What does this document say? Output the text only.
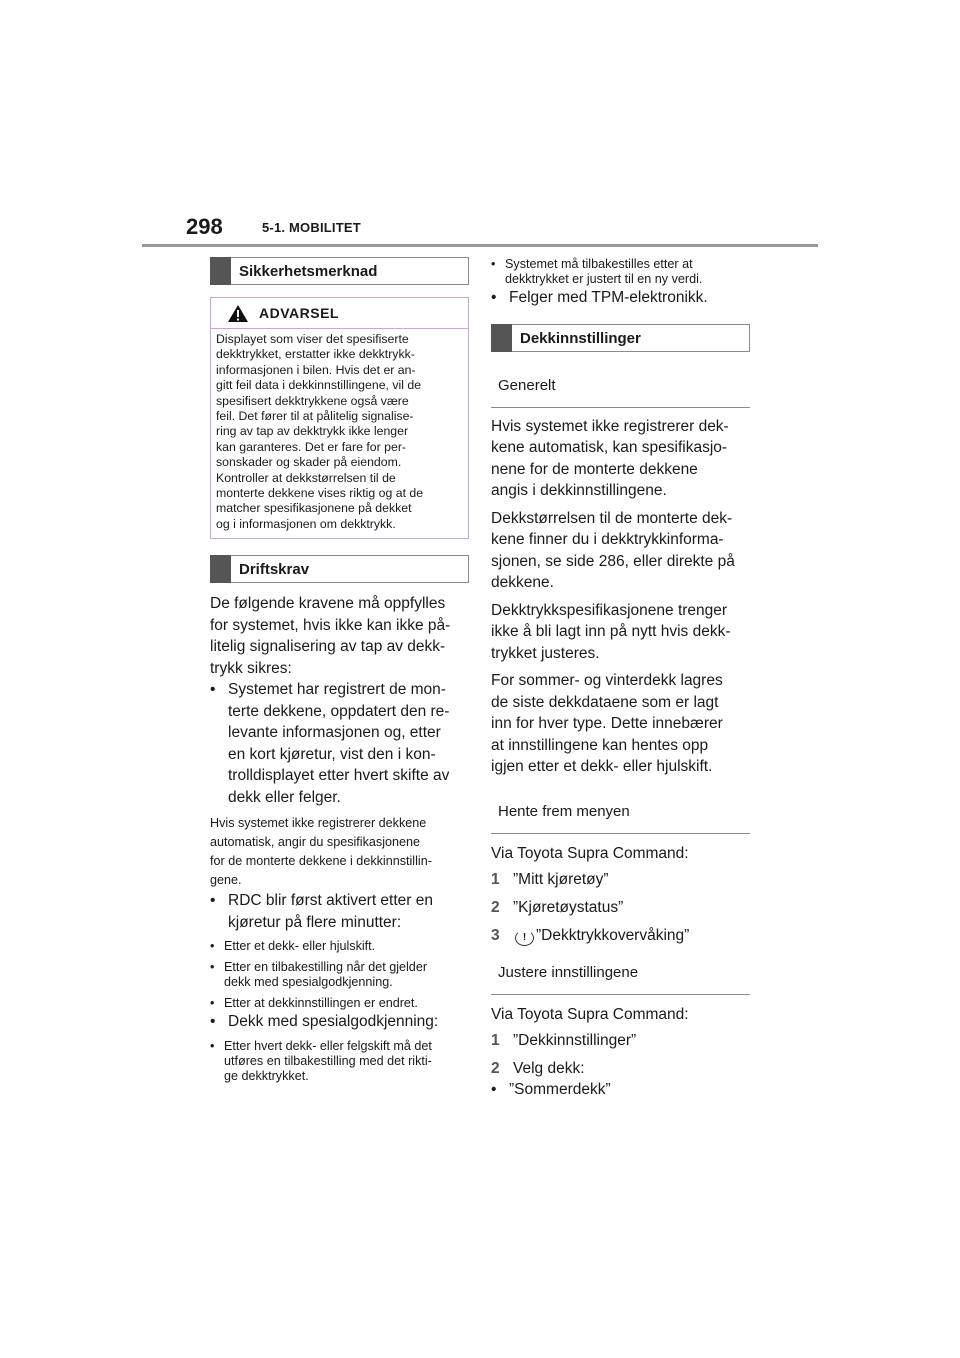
298	5-1. MOBILITET
Sikkerhetsmerknad
ADVARSEL
Displayet som viser det spesifiserte
dekktrykket, erstatter ikke dekktrykk-
informasjonen i bilen. Hvis det er an-
gitt feil data i dekkinnstillingene, vil de
spesifisert dekktrykkene også være
feil. Det fører til at pålitelig signalise-
ring av tap av dekktrykk ikke lenger
kan garanteres. Det er fare for per-
sonskader og skader på eiendom.
Kontroller at dekkstørrelsen til de
monterte dekkene vises riktig og at de
matcher spesifikasjonene på dekket
og i informasjonen om dekktrykk.
Driftskrav
De følgende kravene må oppfylles
for systemet, hvis ikke kan ikke på-
litelig signalisering av tap av dekk-
trykk sikres:
• Systemet har registrert de mon-
terte dekkene, oppdatert den re-
levante informasjonen og, etter
en kort kjøretur, vist den i kon-
trolldisplayet etter hvert skifte av
dekk eller felger.
Hvis systemet ikke registrerer dekkene
automatisk, angir du spesifikasjonene
for de monterte dekkene i dekkinnstillin-
gene.
• RDC blir først aktivert etter en
kjøretur på flere minutter:
• Etter et dekk- eller hjulskift.
• Etter en tilbakestilling når det gjelder
dekk med spesialgodkjenning.
• Etter at dekkinnstillingen er endret.
• Dekk med spesialgodkjenning:
• Etter hvert dekk- eller felgskift må det
utføres en tilbakestilling med det rikti-
ge dekktrykket.
• Systemet må tilbakestilles etter at
dekktrykket er justert til en ny verdi.
• Felger med TPM-elektronikk.
Dekkinnstillinger
Generelt
Hvis systemet ikke registrerer dek-
kene automatisk, kan spesifikasjo-
nene for de monterte dekkene
angis i dekkinnstillingene.
Dekkstørrelsen til de monterte dek-
kene finner du i dekktrykkinforma-
sjonen, se side 286, eller direkte på
dekkene.
Dekktrykkspesifikasjonene trenger
ikke å bli lagt inn på nytt hvis dekk-
trykket justeres.
For sommer- og vinterdekk lagres
de siste dekkdataene som er lagt
inn for hver type. Dette innebærer
at innstillingene kan hentes opp
igjen etter et dekk- eller hjulskift.
Hente frem menyen
Via Toyota Supra Command:
1 ”Mitt kjøretøy”
2 ”Kjøretøystatus”
3 ! ”Dekktrykkovervåking”
Justere innstillingene
Via Toyota Supra Command:
1 ”Dekkinnstillinger”
2 Velg dekk:
• ”Sommerdekk”
